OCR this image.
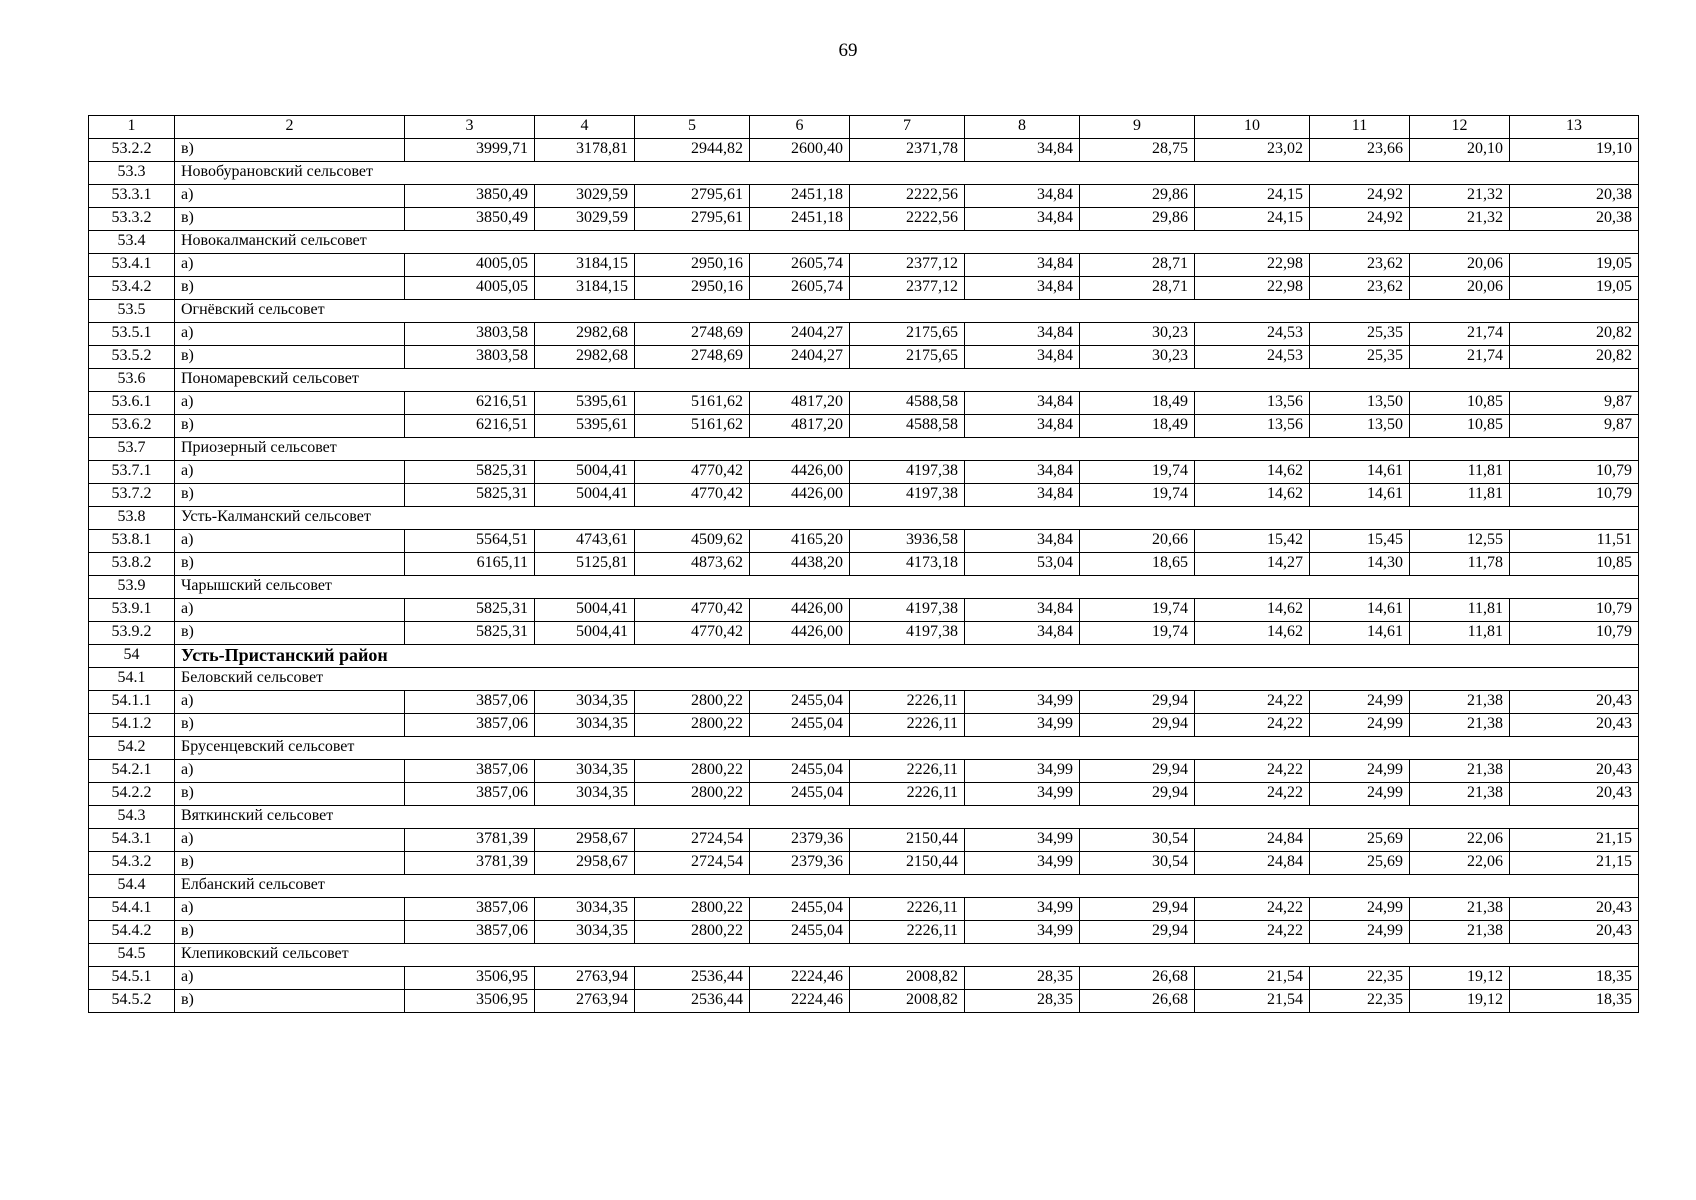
69
1	2	3	4	5	6	7	8	9	10	11	12	13
53.2.2	в)	3999,71	3178,81	2944,82	2600,40	2371,78	34,84	28,75	23,02	23,66	20,10	19,10
53.3	Новобурановский сельсовет											
53.3.1	а)	3850,49	3029,59	2795,61	2451,18	2222,56	34,84	29,86	24,15	24,92	21,32	20,38
53.3.2	в)	3850,49	3029,59	2795,61	2451,18	2222,56	34,84	29,86	24,15	24,92	21,32	20,38
53.4	Новокалманский сельсовет											
53.4.1	а)	4005,05	3184,15	2950,16	2605,74	2377,12	34,84	28,71	22,98	23,62	20,06	19,05
53.4.2	в)	4005,05	3184,15	2950,16	2605,74	2377,12	34,84	28,71	22,98	23,62	20,06	19,05
53.5	Огнёвский сельсовет											
53.5.1	а)	3803,58	2982,68	2748,69	2404,27	2175,65	34,84	30,23	24,53	25,35	21,74	20,82
53.5.2	в)	3803,58	2982,68	2748,69	2404,27	2175,65	34,84	30,23	24,53	25,35	21,74	20,82
53.6	Пономаревский сельсовет											
53.6.1	а)	6216,51	5395,61	5161,62	4817,20	4588,58	34,84	18,49	13,56	13,50	10,85	9,87
53.6.2	в)	6216,51	5395,61	5161,62	4817,20	4588,58	34,84	18,49	13,56	13,50	10,85	9,87
53.7	Приозерный сельсовет											
53.7.1	а)	5825,31	5004,41	4770,42	4426,00	4197,38	34,84	19,74	14,62	14,61	11,81	10,79
53.7.2	в)	5825,31	5004,41	4770,42	4426,00	4197,38	34,84	19,74	14,62	14,61	11,81	10,79
53.8	Усть-Калманский сельсовет											
53.8.1	а)	5564,51	4743,61	4509,62	4165,20	3936,58	34,84	20,66	15,42	15,45	12,55	11,51
53.8.2	в)	6165,11	5125,81	4873,62	4438,20	4173,18	53,04	18,65	14,27	14,30	11,78	10,85
53.9	Чарышский сельсовет											
53.9.1	а)	5825,31	5004,41	4770,42	4426,00	4197,38	34,84	19,74	14,62	14,61	11,81	10,79
53.9.2	в)	5825,31	5004,41	4770,42	4426,00	4197,38	34,84	19,74	14,62	14,61	11,81	10,79
54	Усть-Пристанский район											
54.1	Беловский сельсовет											
54.1.1	а)	3857,06	3034,35	2800,22	2455,04	2226,11	34,99	29,94	24,22	24,99	21,38	20,43
54.1.2	в)	3857,06	3034,35	2800,22	2455,04	2226,11	34,99	29,94	24,22	24,99	21,38	20,43
54.2	Брусенцевский сельсовет											
54.2.1	а)	3857,06	3034,35	2800,22	2455,04	2226,11	34,99	29,94	24,22	24,99	21,38	20,43
54.2.2	в)	3857,06	3034,35	2800,22	2455,04	2226,11	34,99	29,94	24,22	24,99	21,38	20,43
54.3	Вяткинский сельсовет											
54.3.1	а)	3781,39	2958,67	2724,54	2379,36	2150,44	34,99	30,54	24,84	25,69	22,06	21,15
54.3.2	в)	3781,39	2958,67	2724,54	2379,36	2150,44	34,99	30,54	24,84	25,69	22,06	21,15
54.4	Елбанский сельсовет											
54.4.1	а)	3857,06	3034,35	2800,22	2455,04	2226,11	34,99	29,94	24,22	24,99	21,38	20,43
54.4.2	в)	3857,06	3034,35	2800,22	2455,04	2226,11	34,99	29,94	24,22	24,99	21,38	20,43
54.5	Клепиковский сельсовет											
54.5.1	а)	3506,95	2763,94	2536,44	2224,46	2008,82	28,35	26,68	21,54	22,35	19,12	18,35
54.5.2	в)	3506,95	2763,94	2536,44	2224,46	2008,82	28,35	26,68	21,54	22,35	19,12	18,35
